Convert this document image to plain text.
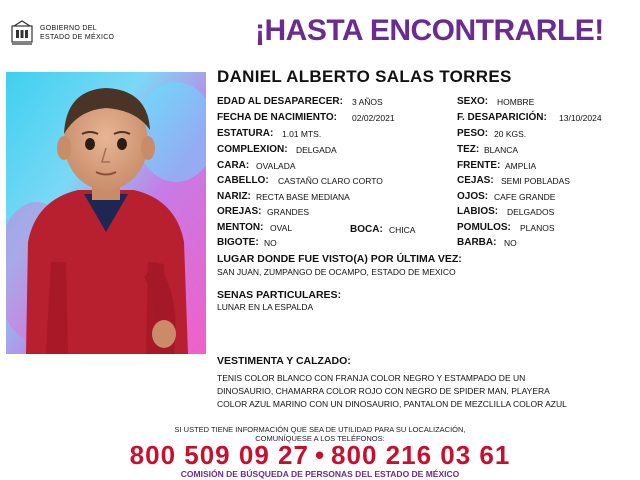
GOBIERNO DEL
ESTADO DE MÉXICO	¡HASTA ENCONTRARLE!
DANIEL ALBERTO SALAS TORRES
EDAD AL DESAPARECER: 3 AÑOS
FECHA DE NACIMIENTO: 02/02/2021
ESTATURA: 1.01 MTS.
COMPLEXION: DELGADA
CARA: OVALADA
CABELLO: CASTAÑO CLARO CORTO
NARIZ: RECTA BASE MEDIANA
OREJAS: GRANDES
MENTON: OVAL	BOCA: CHICA
BIGOTE: NO
SEXO: HOMBRE
F. DESAPARICIÓN: 13/10/2024
PESO: 20 KGS.
TEZ: BLANCA
FRENTE: AMPLIA
CEJAS: SEMI POBLADAS
OJOS: CAFE GRANDE
LABIOS: DELGADOS
POMULOS: PLANOS
BARBA: NO
LUGAR DONDE FUE VISTO(A) POR ÚLTIMA VEZ:
SAN JUAN, ZUMPANGO DE OCAMPO, ESTADO DE MEXICO
SENAS PARTICULARES:
LUNAR EN LA ESPALDA
VESTIMENTA Y CALZADO:
TENIS COLOR BLANCO CON FRANJA COLOR NEGRO Y ESTAMPADO DE UN
DINOSAURIO, CHAMARRA COLOR ROJO CON NEGRO DE SPIDER MAN, PLAYERA
COLOR AZUL MARINO CON UN DINOSAURIO, PANTALON DE MEZCLILLA COLOR AZUL
SI USTED TIENE INFORMACIÓN QUE SEA DE UTILIDAD PARA SU LOCALIZACIÓN,
COMUNÍQUESE A LOS TELÉFONOS:
800 509 09 27 • 800 216 03 61
COMISIÓN DE BÚSQUEDA DE PERSONAS DEL ESTADO DE MÉXICO
